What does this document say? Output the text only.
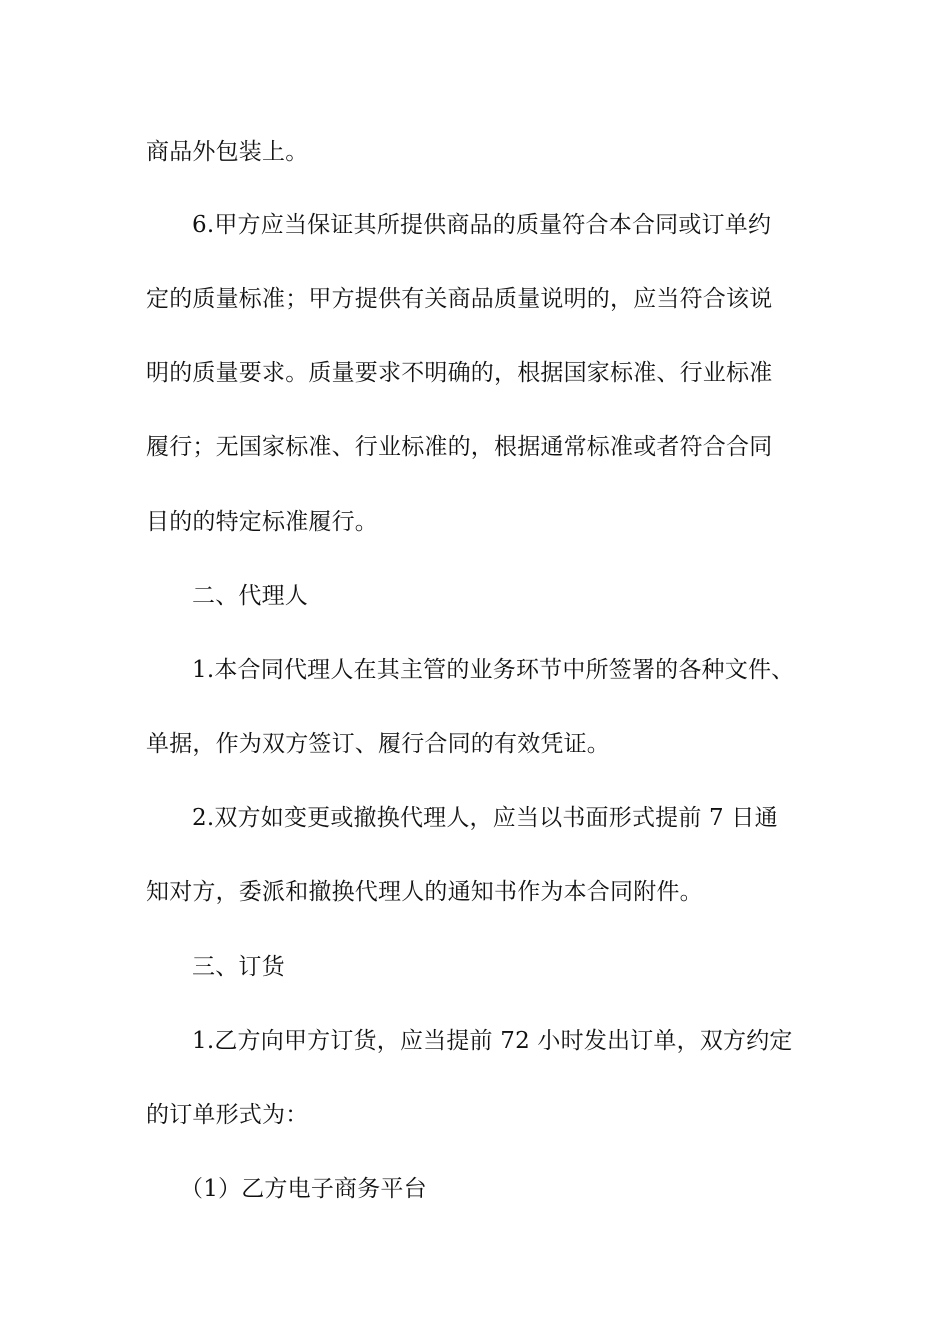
商品外包装上。
6.甲方应当保证其所提供商品的质量符合本合同或订单约
定的质量标准；甲方提供有关商品质量说明的，应当符合该说
明的质量要求。质量要求不明确的，根据国家标准、行业标准
履行；无国家标准、行业标准的，根据通常标准或者符合合同
目的的特定标准履行。
二、代理人
1.本合同代理人在其主管的业务环节中所签署的各种文件、
单据，作为双方签订、履行合同的有效凭证。
2.双方如变更或撤换代理人，应当以书面形式提前 7 日通
知对方，委派和撤换代理人的通知书作为本合同附件。
三、订货
1.乙方向甲方订货，应当提前 72 小时发出订单，双方约定
的订单形式为：
（1）乙方电子商务平台
